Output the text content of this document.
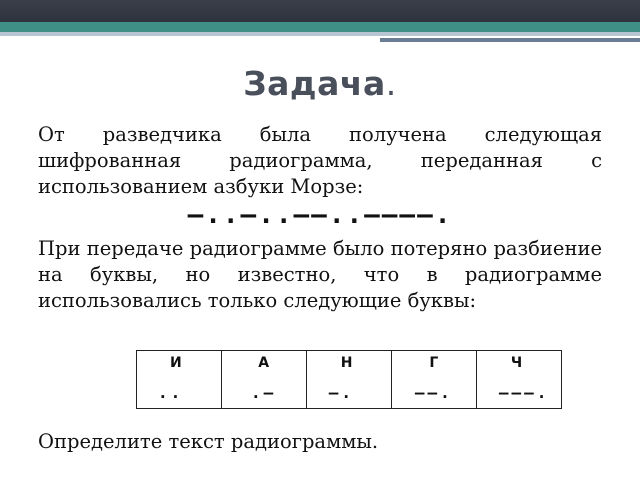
Задача.
От разведчика была получена следующая шифрованная радиограмма, переданная с использованием азбуки Морзе:
–..–..––..––––.
При передаче радиограмме было потеряно разбиение на буквы, но известно, что в радиограмме использовались только следующие буквы:
И	А	Н	Г	Ч
..	.–	–.	––.	–––.
Определите текст радиограммы.
